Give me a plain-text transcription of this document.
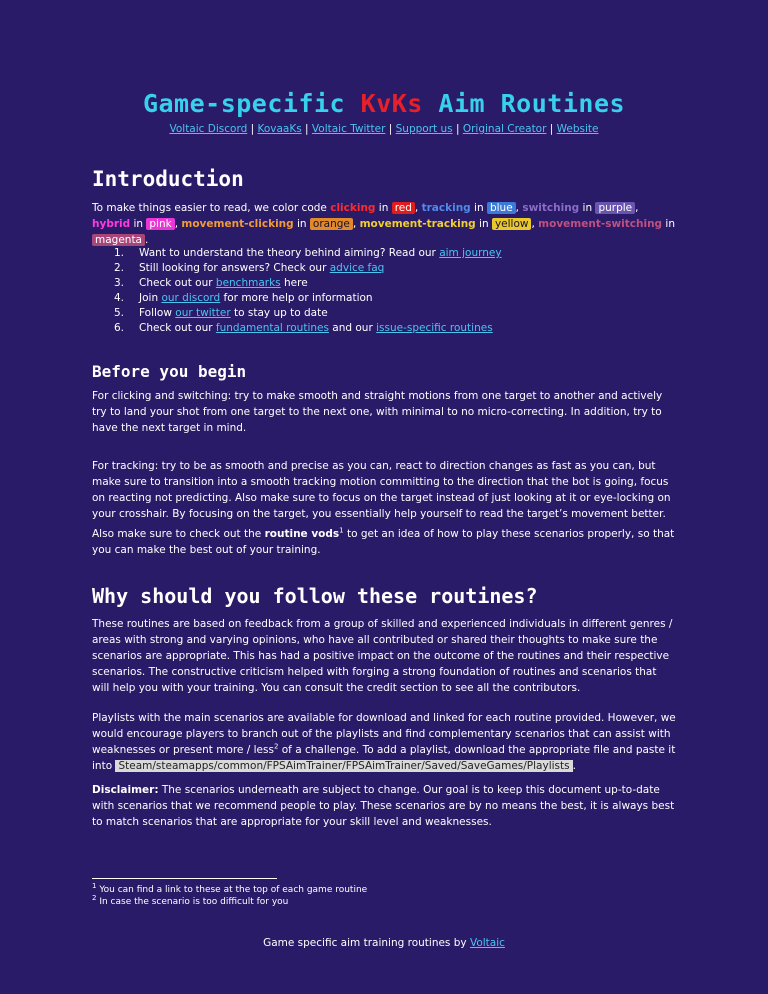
Game-specific KvKs Aim Routines
Voltaic Discord | KovaaKs | Voltaic Twitter | Support us | Original Creator | Website
Introduction
To make things easier to read, we color code clicking in red , tracking in blue , switching in purple , hybrid in pink , movement-clicking in orange , movement-tracking in yellow , movement-switching in magenta .
1. Want to understand the theory behind aiming? Read our aim journey
2. Still looking for answers? Check our advice faq
3. Check out our benchmarks here
4. Join our discord for more help or information
5. Follow our twitter to stay up to date
6. Check out our fundamental routines and our issue-specific routines
Before you begin
For clicking and switching: try to make smooth and straight motions from one target to another and actively try to land your shot from one target to the next one, with minimal to no micro-correcting. In addition, try to have the next target in mind.
For tracking: try to be as smooth and precise as you can, react to direction changes as fast as you can, but make sure to transition into a smooth tracking motion committing to the direction that the bot is going, focus on reacting not predicting. Also make sure to focus on the target instead of just looking at it or eye-locking on your crosshair. By focusing on the target, you essentially help yourself to read the target’s movement better.
Also make sure to check out the routine vods$^1$ to get an idea of how to play these scenarios properly, so that you can make the best out of your training.
Why should you follow these routines?
These routines are based on feedback from a group of skilled and experienced individuals in different genres / areas with strong and varying opinions, who have all contributed or shared their thoughts to make sure the scenarios are appropriate. This has had a positive impact on the outcome of the routines and their respective scenarios. The constructive criticism helped with forging a strong foundation of routines and scenarios that will help you with your training. You can consult the credit section to see all the contributors.
Playlists with the main scenarios are available for download and linked for each routine provided. However, we would encourage players to branch out of the playlists and find complementary scenarios that can assist with weaknesses or present more / less$^2$ of a challenge. To add a playlist, download the appropriate file and paste it into Steam/steamapps/common/FPSAimTrainer/FPSAimTrainer/Saved/SaveGames/Playlists .
Disclaimer: The scenarios underneath are subject to change. Our goal is to keep this document up-to-date with scenarios that we recommend people to play. These scenarios are by no means the best, it is always best to match scenarios that are appropriate for your skill level and weaknesses.
$^1$ You can find a link to these at the top of each game routine
$^2$ In case the scenario is too difficult for you
Game specific aim training routines by Voltaic
